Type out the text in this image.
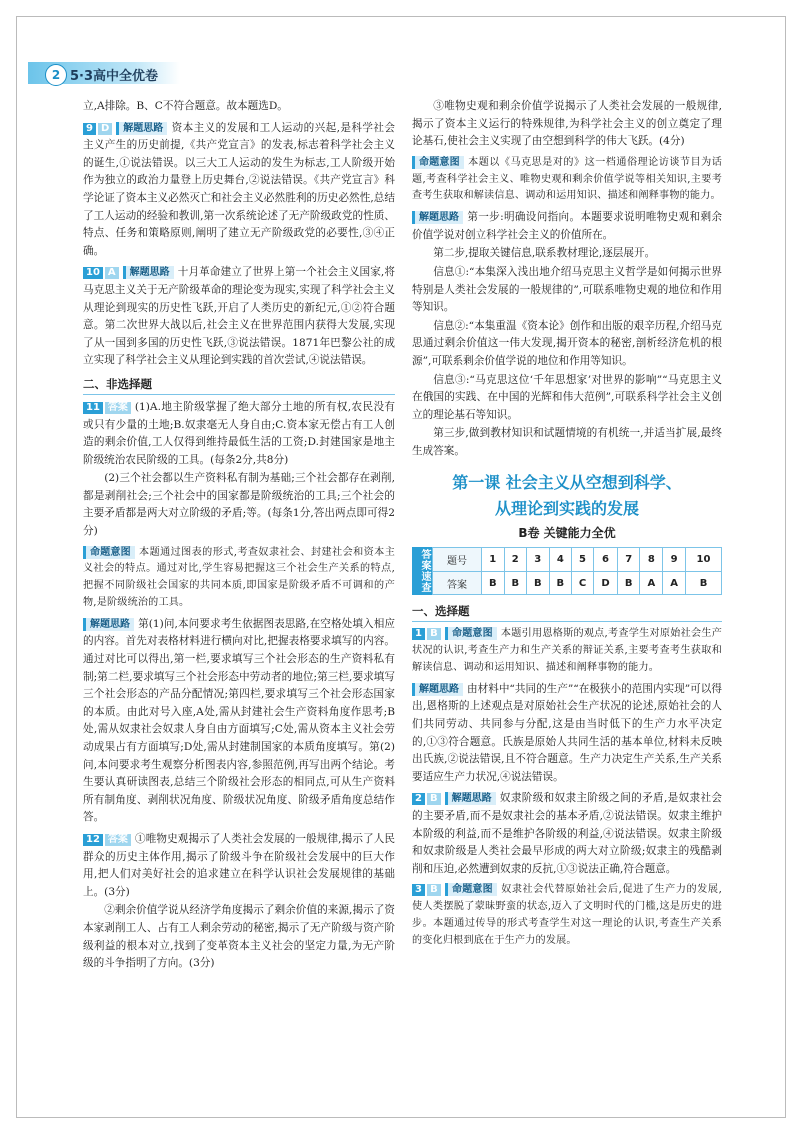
2 5·3高中全优卷

立,A排除。B、C不符合题意。故本题选D。

9 D 解题思路 资本主义的发展和工人运动的兴起,是科学社会主义产生的历史前提,《共产党宣言》的发表,标志着科学社会主义的诞生,①说法错误。以三大工人运动的发生为标志,工人阶级开始作为独立的政治力量登上历史舞台,②说法错误。《共产党宣言》科学论证了资本主义必然灭亡和社会主义必然胜利的历史必然性,总结了工人运动的经验和教训,第一次系统论述了无产阶级政党的性质、特点、任务和策略原则,阐明了建立无产阶级政党的必要性,③④正确。

10 A 解题思路 十月革命建立了世界上第一个社会主义国家,将马克思主义关于无产阶级革命的理论变为现实,实现了科学社会主义从理论到现实的历史性飞跃,开启了人类历史的新纪元,①②符合题意。第二次世界大战以后,社会主义在世界范围内获得大发展,实现了从一国到多国的历史性飞跃,③说法错误。1871年巴黎公社的成立实现了科学社会主义从理论到实践的首次尝试,④说法错误。

二、非选择题

11 答案 (1)A.地主阶级掌握了绝大部分土地的所有权,农民没有或只有少量的土地;B.奴隶毫无人身自由;C.资本家无偿占有工人创造的剩余价值,工人仅得到维持最低生活的工资;D.封建国家是地主阶级统治农民阶级的工具。(每条2分,共8分)

(2)三个社会都以生产资料私有制为基础;三个社会都存在剥削,都是剥削社会;三个社会中的国家都是阶级统治的工具;三个社会的主要矛盾都是两大对立阶级的矛盾;等。(每条1分,答出两点即可得2分)

命题意图 本题通过图表的形式,考查奴隶社会、封建社会和资本主义社会的特点。通过对比,学生容易把握这三个社会生产关系的特点,把握不同阶级社会国家的共同本质,即国家是阶级矛盾不可调和的产物,是阶级统治的工具。

解题思路 第(1)问,本问要求考生依据图表思路,在空格处填入相应的内容。首先对表格材料进行横向对比,把握表格要求填写的内容。通过对比可以得出,第一栏,要求填写三个社会形态的生产资料私有制;第二栏,要求填写三个社会形态中劳动者的地位;第三栏,要求填写三个社会形态的产品分配情况;第四栏,要求填写三个社会形态国家的本质。由此对号入座,A处,需从封建社会生产资料角度作思考;B处,需从奴隶社会奴隶人身自由方面填写;C处,需从资本主义社会劳动成果占有方面填写;D处,需从封建制国家的本质角度填写。第(2)问,本问要求考生观察分析图表内容,参照范例,再写出两个结论。考生要认真研读图表,总结三个阶级社会形态的相同点,可从生产资料所有制角度、剥削状况角度、阶级状况角度、阶级矛盾角度总结作答。

12 答案 ①唯物史观揭示了人类社会发展的一般规律,揭示了人民群众的历史主体作用,揭示了阶级斗争在阶级社会发展中的巨大作用,把人们对美好社会的追求建立在科学认识社会发展规律的基础上。(3分)

②剩余价值学说从经济学角度揭示了剩余价值的来源,揭示了资本家剥削工人、占有工人剩余劳动的秘密,揭示了无产阶级与资产阶级利益的根本对立,找到了变革资本主义社会的坚定力量,为无产阶级的斗争指明了方向。(3分)

③唯物史观和剩余价值学说揭示了人类社会发展的一般规律,揭示了资本主义运行的特殊规律,为科学社会主义的创立奠定了理论基石,使社会主义实现了由空想到科学的伟大飞跃。(4分)

命题意图 本题以《马克思是对的》这一档通俗理论访谈节目为话题,考查科学社会主义、唯物史观和剩余价值学说等相关知识,主要考查考生获取和解读信息、调动和运用知识、描述和阐释事物的能力。

解题思路 第一步:明确设问指向。本题要求说明唯物史观和剩余价值学说对创立科学社会主义的价值所在。

第二步,提取关键信息,联系教材理论,逐层展开。

信息①:“本集深入浅出地介绍马克思主义哲学是如何揭示世界特别是人类社会发展的一般规律的”,可联系唯物史观的地位和作用等知识。

信息②:“本集重温《资本论》创作和出版的艰辛历程,介绍马克思通过剩余价值这一伟大发现,揭开资本的秘密,剖析经济危机的根源”,可联系剩余价值学说的地位和作用等知识。

信息③:“马克思这位‘千年思想家’对世界的影响”“马克思主义在俄国的实践、在中国的光辉和伟大范例”,可联系科学社会主义创立的理论基石等知识。

第三步,做到教材知识和试题情境的有机统一,并适当扩展,最终生成答案。

第一课 社会主义从空想到科学、
从理论到实践的发展
B卷 关键能力全优
答案速查 题号	1	2	3	4	5	6	7	8	9	10
答案	B	B	B	B	C	D	B	A	A	B
一、选择题

1 B 命题意图 本题引用恩格斯的观点,考查学生对原始社会生产状况的认识,考查生产力和生产关系的辩证关系,主要考查考生获取和解读信息、调动和运用知识、描述和阐释事物的能力。

解题思路 由材料中“共同的生产”“在极狭小的范围内实现”可以得出,恩格斯的上述观点是对原始社会生产状况的论述,原始社会的人们共同劳动、共同参与分配,这是由当时低下的生产力水平决定的,①③符合题意。氏族是原始人共同生活的基本单位,材料未反映出氏族,②说法错误,且不符合题意。生产力决定生产关系,生产关系要适应生产力状况,④说法错误。

2 B 解题思路 奴隶阶级和奴隶主阶级之间的矛盾,是奴隶社会的主要矛盾,而不是奴隶社会的基本矛盾,②说法错误。奴隶主维护本阶级的利益,而不是维护各阶级的利益,④说法错误。奴隶主阶级和奴隶阶级是人类社会最早形成的两大对立阶级;奴隶主的残酷剥削和压迫,必然遭到奴隶的反抗,①③说法正确,符合题意。

3 B 命题意图 奴隶社会代替原始社会后,促进了生产力的发展,使人类摆脱了蒙昧野蛮的状态,迈入了文明时代的门槛,这是历史的进步。本题通过传导的形式考查学生对这一理论的认识,考查生产关系的变化归根到底在于生产力的发展。
